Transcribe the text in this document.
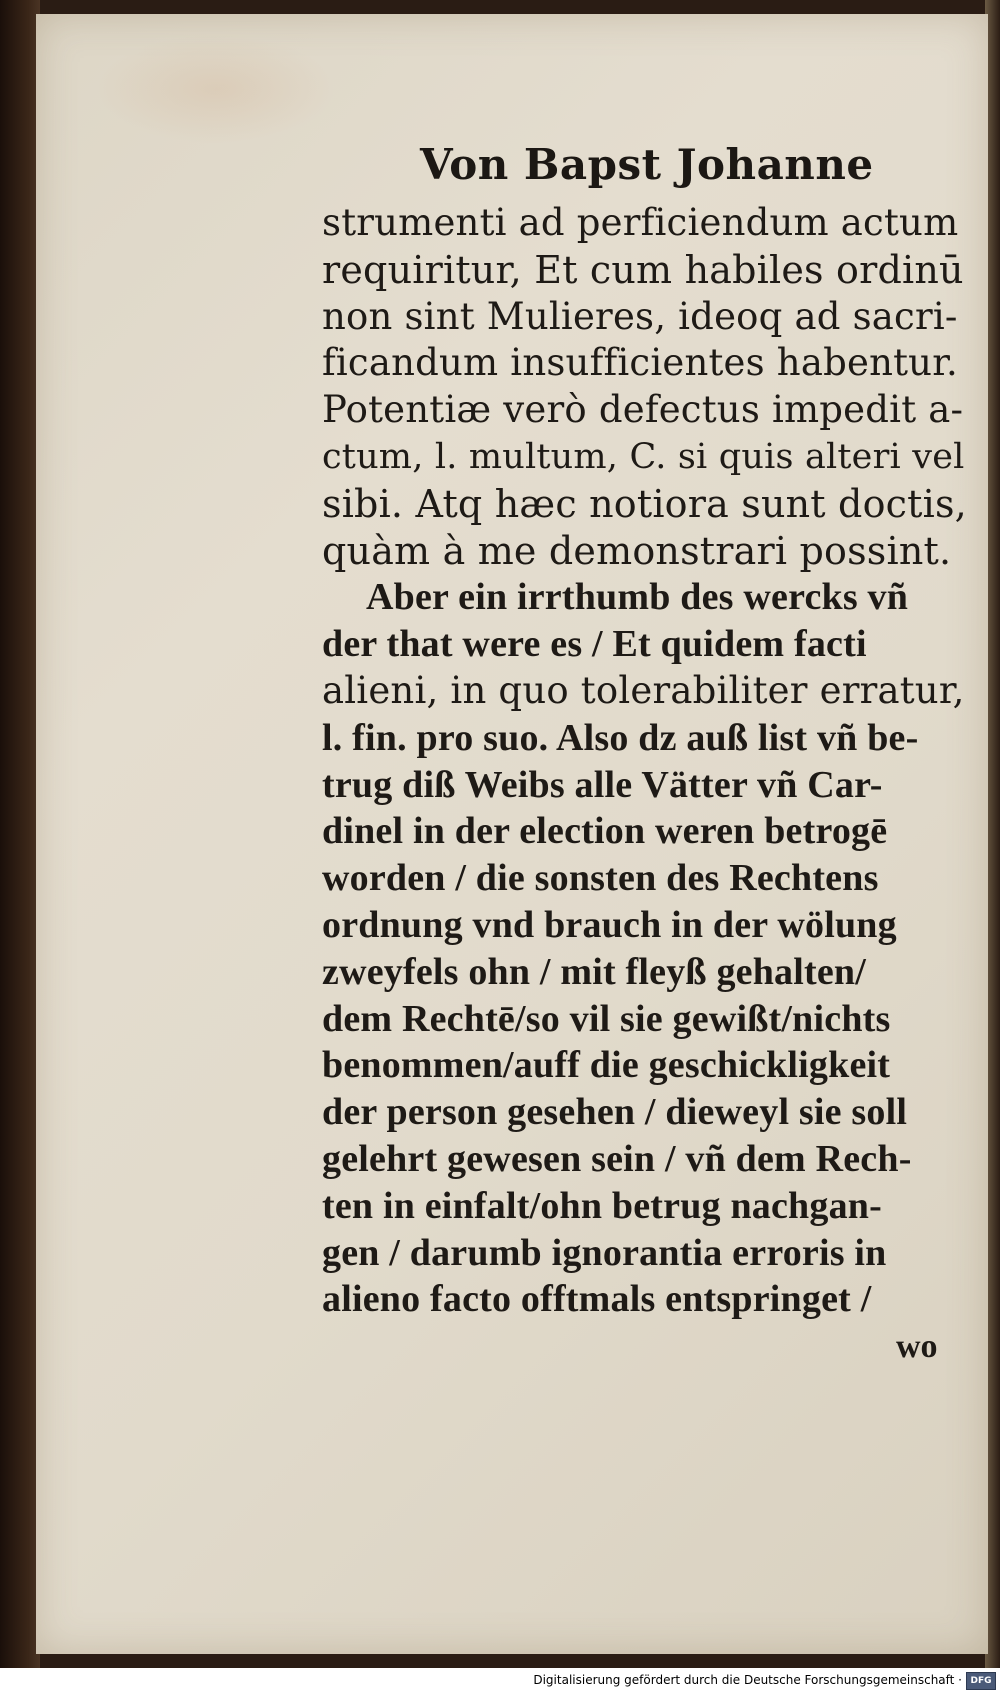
Von Bapst Johanne
strumenti ad perficiendum actum
requiritur, Et cum habiles ordinū
non sint Mulieres, ideoq ad sacri-
ficandum insufficientes habentur.
Potentiæ verò defectus impedit a-
ctum, l. multum, C. si quis alteri vel
sibi. Atq hæc notiora sunt doctis,
quàm à me demonstrari possint.
Aber ein irrthumb des wercks vñ
der that were es / Et quidem facti
alieni, in quo tolerabiliter erratur,
l. fin. pro suo. Also dz auß list vñ be-
trug diß Weibs alle Vätter vñ Car-
dinel in der election weren betrogē
worden / die sonsten des Rechtens
ordnung vnd brauch in der wölung
zweyfels ohn / mit fleyß gehalten/
dem Rechtē/so vil sie gewißt/nichts
benommen/auff die geschickligkeit
der person gesehen / dieweyl sie soll
gelehrt gewesen sein / vñ dem Rech-
ten in einfalt/ohn betrug nachgan-
gen / darumb ignorantia erroris in
alieno facto offtmals entspringet /
wo
Digitalisierung gefördert durch die Deutsche Forschungsgemeinschaft · DFG
